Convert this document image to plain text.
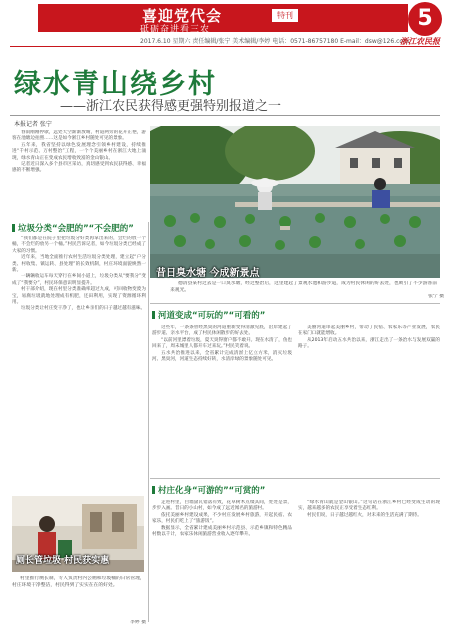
喜迎党代会	特刊
砥砺奋进看三农	5
2017.6.10 星期六 责任编辑/张宁 美术编辑/李婷 电话：0571-86757180 E-mail：dsw@126.com
浙江农民报
绿水青山绕乡村
——浙江农民获得感更强特别报道之一
本报记者 张宁

春雨刚刚停歇，远处天空渐渐放晴，村道两旁的花开正艳，游客在池塘边拍照……这是如今浙江乡村随处可见的景象。

五年来，我省坚持以绿色发展理念引领乡村建设，持续推进“千村示范、万村整治”工程，一个个美丽乡村在浙江大地上涌现，绿水青山正在变成农民增收致富的金山银山。

记者近日深入多个县市区采访，真切感受到农民获得感、幸福感的不断增强。

昔日臭水塘 今成新景点
德清县某村过去是一口臭水塘，经过整治后，这里建起了景观水池和游步道，成为村民休闲的好去处，也吸引了不少游客前来观光。
张宁 摄
垃圾分类“会肥的”“不会肥的”

“我们都是在院子里把垃圾分好类再拿出来的，会烂的放一个桶，不会烂的放另一个桶。”村民告诉记者，如今垃圾分类已经成了大家的习惯。

近年来，当地全面推行农村生活垃圾分类处理，建立起“户分类、村收集、镇运转、县处理”的长效机制，村庄环境面貌焕然一新。

一辆辆收运车每天穿行在乡间小道上，垃圾分类从“要我分”变成了“我要分”，村民环保意识明显提升。

村干部介绍，现在村里分类准确率超过九成，可回收物变废为宝，易腐垃圾就地处理成有机肥，还田利用，实现了资源循环利用。

垃圾分类让村庄变干净了，也让乡亲们的日子越过越有滋味。

厕长管垃圾 村民获实惠
村里推行厕长制，专人负责村内公厕和垃圾桶的日常管理，村庄环境干净整洁，村民得到了实实在在的好处。
李婷 摄
河道变成“可玩的”“可看的”

这些年，一条条曾经黑臭的河道重新变得清澈见底，沿岸建起了游步道、亲水平台，成了村民休闲散步的好去处。

“以前河里漂着垃圾，夏天臭得窗户都不敢开。现在水清了，鱼也回来了，周末城里人都开车过来玩。”村民笑着说。

五水共治推进以来，全省累计完成清淤上亿立方米，消灭垃圾河、黑臭河，河道生态持续好转，水清岸绿的景象随处可见。

美丽河道串起美丽乡村，带动了民宿、农家乐等产业发展，农民在家门口就能增收。

从2013年启动五水共治以来，浙江走出了一条治水与发展双赢的路子。

村庄化身“可游的”“可赏的”

走进村里，白墙黛瓦错落有致，花草树木点缀其间，处处是景，步步入画。昔日的小山村，如今成了远近闻名的旅游村。

依托美丽乡村建设成果，不少村庄发展乡村旅游，开起民宿、农家乐，村民们吃上了“旅游饭”。

数据显示，全省累计建成美丽乡村示范县、示范乡镇和特色精品村数以千计，农家乐休闲旅游营业收入逐年攀升。

“绿水青山就是金山银山。”这句话在浙江乡村已经变成生动的现实，越来越多的农民正享受着生态红利。

村民们说，日子越过越红火，对未来的生活充满了期待。
